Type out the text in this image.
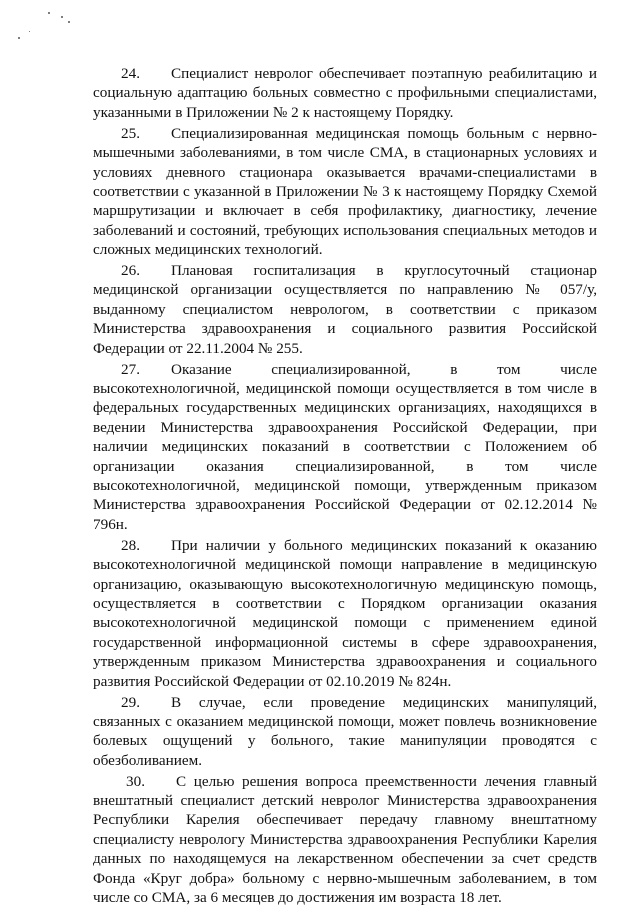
24. Специалист невролог обеспечивает поэтапную реабилитацию и социальную адаптацию больных совместно с профильными специалистами, указанными в Приложении № 2 к настоящему Порядку.

25. Специализированная медицинская помощь больным с нервно-мышечными заболеваниями, в том числе СМА, в стационарных условиях и условиях дневного стационара оказывается врачами-специалистами в соответствии с указанной в Приложении № 3 к настоящему Порядку Схемой маршрутизации и включает в себя профилактику, диагностику, лечение заболеваний и состояний, требующих использования специальных методов и сложных медицинских технологий.

26. Плановая госпитализация в круглосуточный стационар медицинской организации осуществляется по направлению № 057/у, выданному специалистом неврологом, в соответствии с приказом Министерства здравоохранения и социального развития Российской Федерации от 22.11.2004 № 255.

27. Оказание специализированной, в том числе высокотехнологичной, медицинской помощи осуществляется в том числе в федеральных государственных медицинских организациях, находящихся в ведении Министерства здравоохранения Российской Федерации, при наличии медицинских показаний в соответствии с Положением об организации оказания специализированной, в том числе высокотехнологичной, медицинской помощи, утвержденным приказом Министерства здравоохранения Российской Федерации от 02.12.2014 № 796н.

28. При наличии у больного медицинских показаний к оказанию высокотехнологичной медицинской помощи направление в медицинскую организацию, оказывающую высокотехнологичную медицинскую помощь, осуществляется в соответствии с Порядком организации оказания высокотехнологичной медицинской помощи с применением единой государственной информационной системы в сфере здравоохранения, утвержденным приказом Министерства здравоохранения и социального развития Российской Федерации от 02.10.2019 № 824н.

29. В случае, если проведение медицинских манипуляций, связанных с оказанием медицинской помощи, может повлечь возникновение болевых ощущений у больного, такие манипуляции проводятся с обезболиванием.

30. С целью решения вопроса преемственности лечения главный внештатный специалист детский невролог Министерства здравоохранения Республики Карелия обеспечивает передачу главному внештатному специалисту неврологу Министерства здравоохранения Республики Карелия данных по находящемуся на лекарственном обеспечении за счет средств Фонда «Круг добра» больному с нервно-мышечным заболеванием, в том числе со СМА, за 6 месяцев до достижения им возраста 18 лет.
